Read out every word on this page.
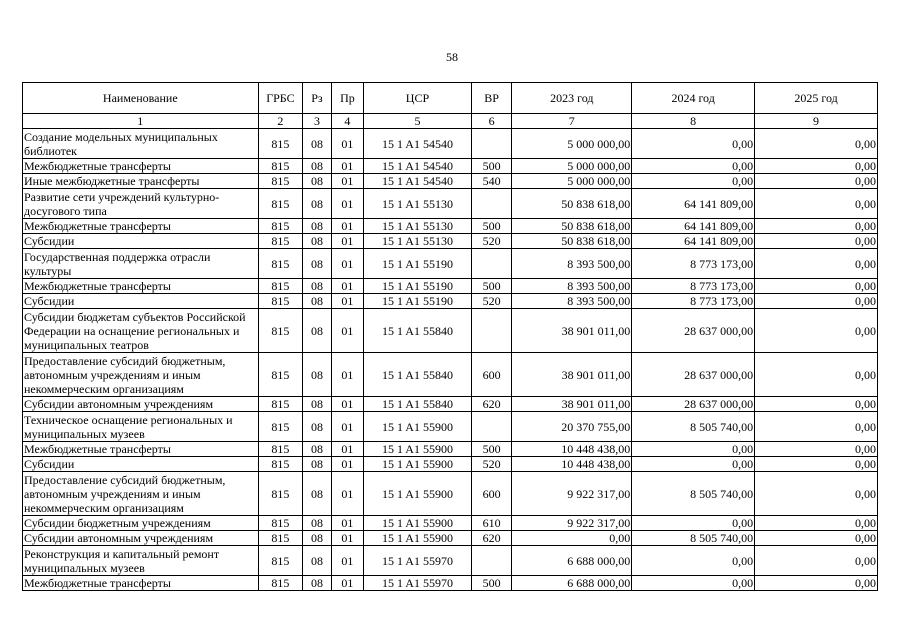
58
Наименование	ГРБС	Рз	Пр	ЦСР	ВР	2023 год	2024 год	2025 год
1	2	3	4	5	6	7	8	9
Создание модельных муниципальных библиотек	815	08	01	15 1 A1 54540		5 000 000,00	0,00	0,00
Межбюджетные трансферты	815	08	01	15 1 A1 54540	500	5 000 000,00	0,00	0,00
Иные межбюджетные трансферты	815	08	01	15 1 A1 54540	540	5 000 000,00	0,00	0,00
Развитие сети учреждений культурно-досугового типа	815	08	01	15 1 A1 55130		50 838 618,00	64 141 809,00	0,00
Межбюджетные трансферты	815	08	01	15 1 A1 55130	500	50 838 618,00	64 141 809,00	0,00
Субсидии	815	08	01	15 1 A1 55130	520	50 838 618,00	64 141 809,00	0,00
Государственная поддержка отрасли культуры	815	08	01	15 1 A1 55190		8 393 500,00	8 773 173,00	0,00
Межбюджетные трансферты	815	08	01	15 1 A1 55190	500	8 393 500,00	8 773 173,00	0,00
Субсидии	815	08	01	15 1 A1 55190	520	8 393 500,00	8 773 173,00	0,00
Субсидии бюджетам субъектов Российской Федерации на оснащение региональных и муниципальных театров	815	08	01	15 1 A1 55840		38 901 011,00	28 637 000,00	0,00
Предоставление субсидий бюджетным, автономным учреждениям и иным некоммерческим организациям	815	08	01	15 1 A1 55840	600	38 901 011,00	28 637 000,00	0,00
Субсидии автономным учреждениям	815	08	01	15 1 A1 55840	620	38 901 011,00	28 637 000,00	0,00
Техническое оснащение региональных и муниципальных музеев	815	08	01	15 1 A1 55900		20 370 755,00	8 505 740,00	0,00
Межбюджетные трансферты	815	08	01	15 1 A1 55900	500	10 448 438,00	0,00	0,00
Субсидии	815	08	01	15 1 A1 55900	520	10 448 438,00	0,00	0,00
Предоставление субсидий бюджетным, автономным учреждениям и иным некоммерческим организациям	815	08	01	15 1 A1 55900	600	9 922 317,00	8 505 740,00	0,00
Субсидии бюджетным учреждениям	815	08	01	15 1 A1 55900	610	9 922 317,00	0,00	0,00
Субсидии автономным учреждениям	815	08	01	15 1 A1 55900	620	0,00	8 505 740,00	0,00
Реконструкция и капитальный ремонт муниципальных музеев	815	08	01	15 1 A1 55970		6 688 000,00	0,00	0,00
Межбюджетные трансферты	815	08	01	15 1 A1 55970	500	6 688 000,00	0,00	0,00
